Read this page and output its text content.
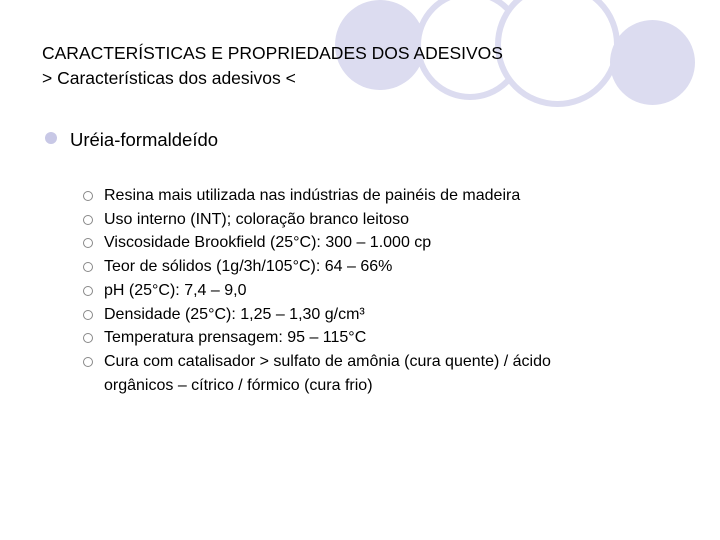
CARACTERÍSTICAS E PROPRIEDADES DOS ADESIVOS
> Características dos adesivos <
Uréia-formaldeído
Resina mais utilizada nas indústrias de painéis de madeira
Uso interno (INT); coloração branco leitoso
Viscosidade Brookfield (25°C): 300 – 1.000 cp
Teor de sólidos (1g/3h/105°C): 64 – 66%
pH (25°C): 7,4 – 9,0
Densidade (25°C): 1,25 – 1,30 g/cm³
Temperatura prensagem: 95 – 115°C
Cura com catalisador > sulfato de amônia (cura quente) / ácido
orgânicos – cítrico / fórmico (cura frio)
